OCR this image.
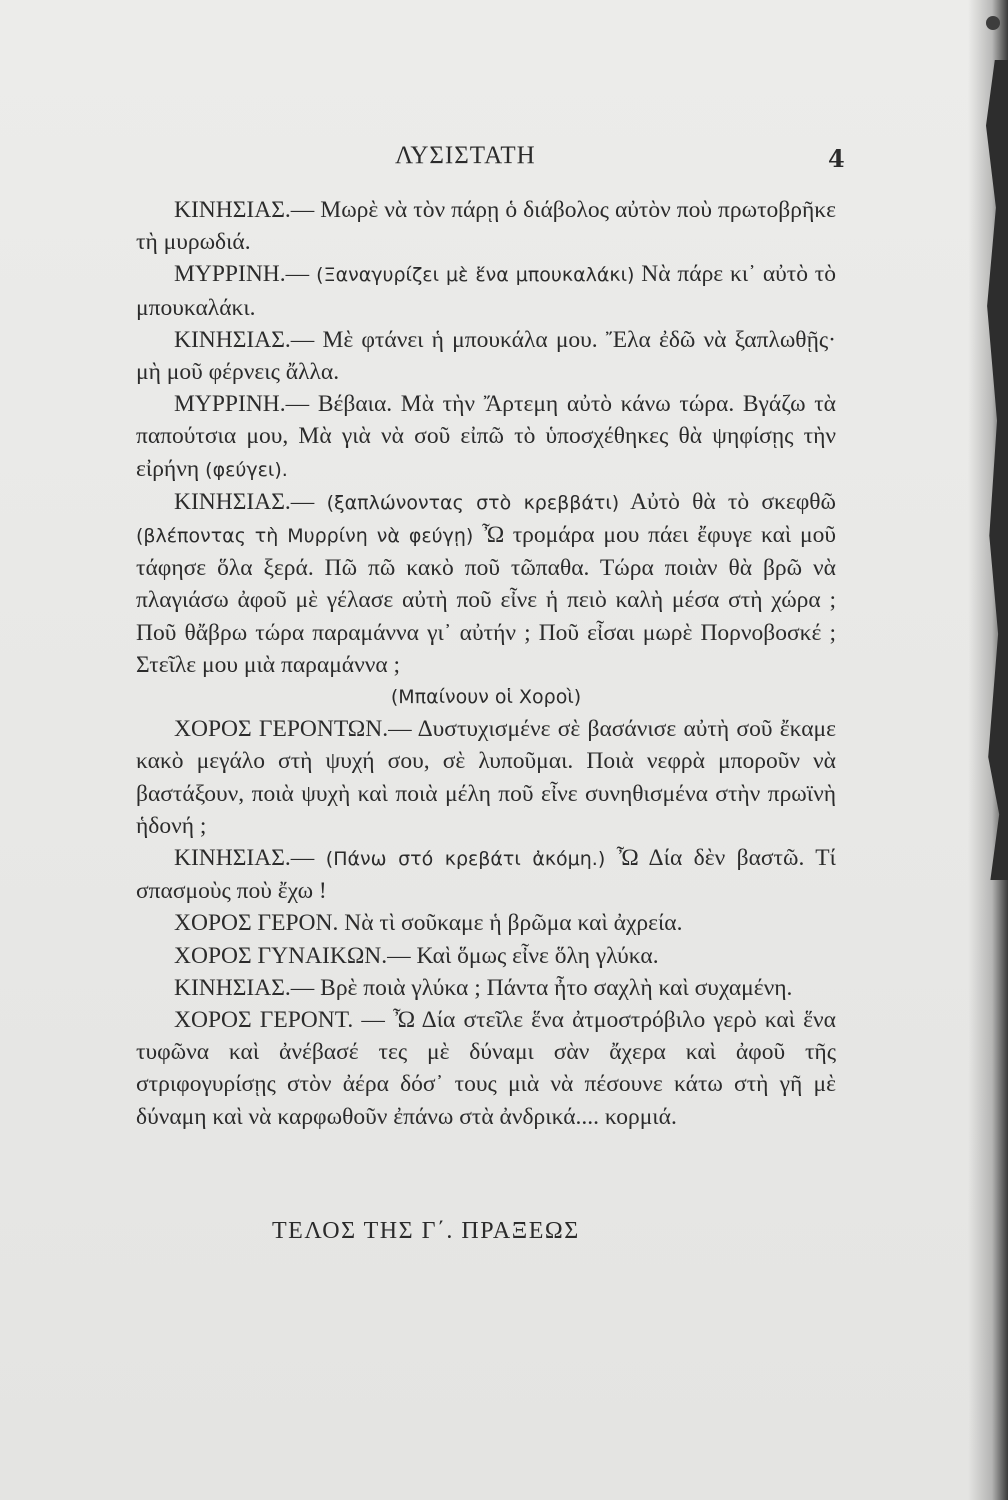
ΛΥΣΙΣΤΑΤΗ	4

ΚΙΝΗΣΙΑΣ.— Μωρὲ νὰ τὸν πάρῃ ὁ διάβολος αὐτὸν ποὺ πρωτοβρῆκε τὴ μυρωδιά.

ΜΥΡΡΙΝΗ.— (Ξαναγυρίζει μὲ ἕνα μπουκαλάκι) Νὰ πάρε κι᾿ αὐτὸ τὸ μπουκαλάκι.

ΚΙΝΗΣΙΑΣ.— Μὲ φτάνει ἡ μπουκάλα μου. Ἔλα ἐδῶ νὰ ξαπλωθῇς· μὴ μοῦ φέρνεις ἄλλα.

ΜΥΡΡΙΝΗ.— Βέβαια. Μὰ τὴν Ἄρτεμη αὐτὸ κάνω τώρα. Βγάζω τὰ παπούτσια μου, Μὰ γιὰ νὰ σοῦ εἰπῶ τὸ ὑποσχέθηκες θὰ ψηφίσῃς τὴν εἰρήνη (φεύγει).

ΚΙΝΗΣΙΑΣ.— (ξαπλώνοντας στὸ κρεββάτι) Αὐτὸ θὰ τὸ σκεφθῶ (βλέποντας τὴ Μυρρίνη νὰ φεύγῃ) Ὦ τρομάρα μου πάει ἔφυγε καὶ μοῦ τάφησε ὅλα ξερά. Πῶ πῶ κακὸ ποῦ τῶπαθα. Τώρα ποιὰν θὰ βρῶ νὰ πλαγιάσω ἀφοῦ μὲ γέλασε αὐτὴ ποῦ εἶνε ἡ πειὸ καλὴ μέσα στὴ χώρα ; Ποῦ θἄβρω τώρα παραμάννα γι᾿ αὐτήν ; Ποῦ εἶσαι μωρὲ Πορνοβοσκέ ; Στεῖλε μου μιὰ παραμάννα ;

(Μπαίνουν οἱ Χοροὶ)

ΧΟΡΟΣ ΓΕΡΟΝΤΩΝ.— Δυστυχισμένε σὲ βασάνισε αὐτὴ σοῦ ἔκαμε κακὸ μεγάλο στὴ ψυχή σου, σὲ λυποῦμαι. Ποιὰ νεφρὰ μποροῦν νὰ βαστάξουν, ποιὰ ψυχὴ καὶ ποιὰ μέλη ποῦ εἶνε συνηθισμένα στὴν πρωϊνὴ ἡδονή ;

ΚΙΝΗΣΙΑΣ.— (Πάνω στό κρεβάτι ἀκόμη.) Ὦ Δία δὲν βαστῶ. Τί σπασμοὺς ποὺ ἔχω !

ΧΟΡΟΣ ΓΕΡΟΝ. Νὰ τὶ σοῦκαμε ἡ βρῶμα καὶ ἀχρεία.

ΧΟΡΟΣ ΓΥΝΑΙΚΩΝ.— Καὶ ὅμως εἶνε ὅλη γλύκα.

ΚΙΝΗΣΙΑΣ.— Βρὲ ποιὰ γλύκα ; Πάντα ἦτο σαχλὴ καὶ συχαμένη.

ΧΟΡΟΣ ΓΕΡΟΝΤ. — Ὦ Δία στεῖλε ἕνα ἀτμοστρόβιλο γερὸ καὶ ἕνα τυφῶνα καὶ ἀνέβασέ τες μὲ δύναμι σὰν ἄχερα καὶ ἀφοῦ τῆς στριφογυρίσῃς στὸν ἀέρα δόσ᾿ τους μιὰ νὰ πέσουνε κάτω στὴ γῆ μὲ δύναμη καὶ νὰ καρφωθοῦν ἐπάνω στὰ ἀνδρικά.... κορμιά.

ΤΕΛΟΣ ΤΗΣ Γ΄. ΠΡΑΞΕΩΣ
